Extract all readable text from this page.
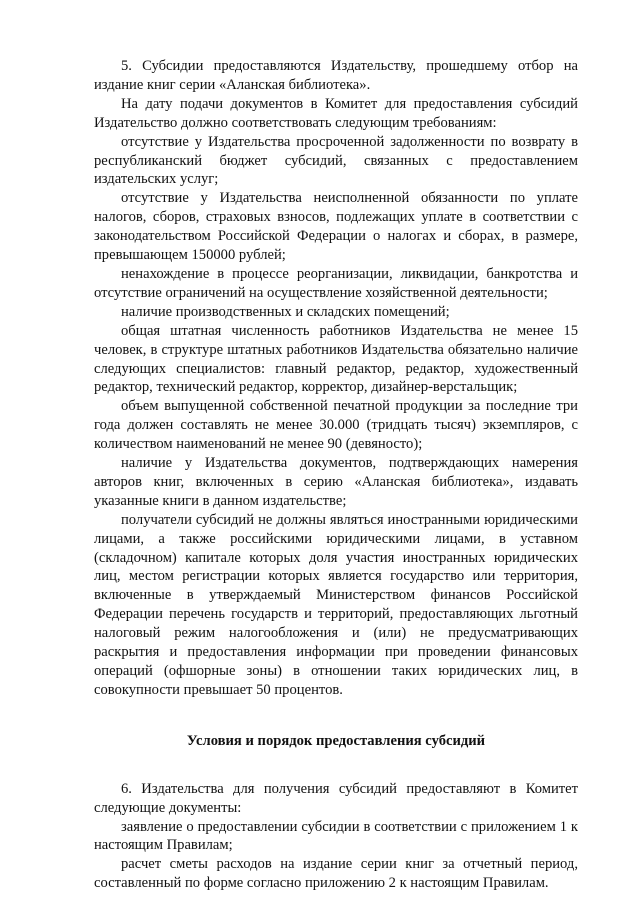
5. Субсидии предоставляются Издательству, прошедшему отбор на издание книг серии «Аланская библиотека».

На дату подачи документов в Комитет для предоставления субсидий Издательство должно соответствовать следующим требованиям:

отсутствие у Издательства просроченной задолженности по возврату в республиканский бюджет субсидий, связанных с предоставлением издательских услуг;

отсутствие у Издательства неисполненной обязанности по уплате налогов, сборов, страховых взносов, подлежащих уплате в соответствии с законодательством Российской Федерации о налогах и сборах, в размере, превышающем 150000 рублей;

ненахождение в процессе реорганизации, ликвидации, банкротства и отсутствие ограничений на осуществление хозяйственной деятельности;

наличие производственных и складских помещений;

общая штатная численность работников Издательства не менее 15 человек, в структуре штатных работников Издательства обязательно наличие следующих специалистов: главный редактор, редактор, художественный редактор, технический редактор, корректор, дизайнер-верстальщик;

объем выпущенной собственной печатной продукции за последние три года должен составлять не менее 30.000 (тридцать тысяч) экземпляров, с количеством наименований не менее 90 (девяносто);

наличие у Издательства документов, подтверждающих намерения авторов книг, включенных в серию «Аланская библиотека», издавать указанные книги в данном издательстве;

получатели субсидий не должны являться иностранными юридическими лицами, а также российскими юридическими лицами, в уставном (складочном) капитале которых доля участия иностранных юридических лиц, местом регистрации которых является государство или территория, включенные в утверждаемый Министерством финансов Российской Федерации перечень государств и территорий, предоставляющих льготный налоговый режим налогообложения и (или) не предусматривающих раскрытия и предоставления информации при проведении финансовых операций (офшорные зоны) в отношении таких юридических лиц, в совокупности превышает 50 процентов.

Условия и порядок предоставления субсидий

6. Издательства для получения субсидий предоставляют в Комитет следующие документы:

заявление о предоставлении субсидии в соответствии с приложением 1 к настоящим Правилам;

расчет сметы расходов на издание серии книг за отчетный период, составленный по форме согласно приложению 2 к настоящим Правилам.
